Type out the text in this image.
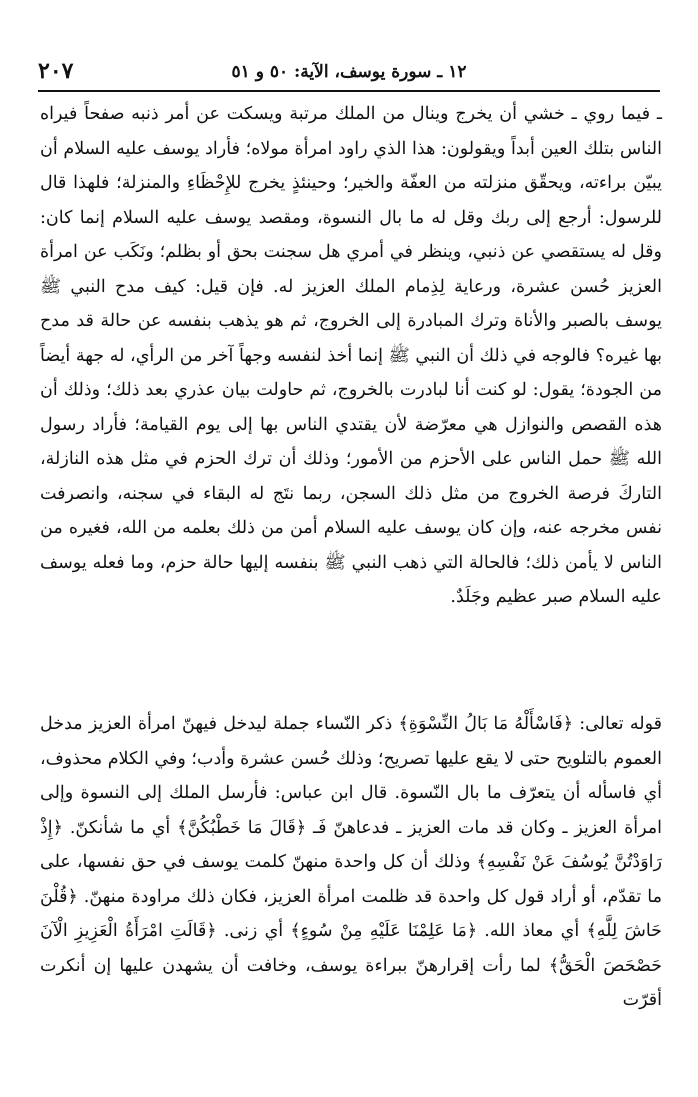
٢٠٧	١٢ ـ سورة يوسف، الآية: ٥٠ و ٥١

ـ فيما روي ـ خشي أن يخرج وينال من الملك مرتبة ويسكت عن أمر ذنبه صفحاً فيراه الناس بتلك العين أبداً ويقولون: هذا الذي راود امرأة مولاه؛ فأراد يوسف عليه السلام أن يبيّن براءته، ويحقّق منزلته من العفّة والخير؛ وحينئذٍ يخرج للإِحْظَاءِ والمنزلة؛ فلهذا قال للرسول: أرجع إلى ربك وقل له ما بال النسوة، ومقصد يوسف عليه السلام إنما كان: وقل له يستقصي عن ذنبي، وينظر في أمري هل سجنت بحق أو بظلم؛ ونَكَب عن امرأة العزيز حُسن عشرة، ورعاية لِذِمام الملك العزيز له. فإن قيل: كيف مدح النبي ﷺ يوسف بالصبر والأناة وترك المبادرة إلى الخروج، ثم هو يذهب بنفسه عن حالة قد مدح بها غيره؟ فالوجه في ذلك أن النبي ﷺ إنما أخذ لنفسه وجهاً آخر من الرأي، له جهة أيضاً من الجودة؛ يقول: لو كنت أنا لبادرت بالخروج، ثم حاولت بيان عذري بعد ذلك؛ وذلك أن هذه القصص والنوازل هي معرّضة لأن يقتدي الناس بها إلى يوم القيامة؛ فأراد رسول الله ﷺ حمل الناس على الأحزم من الأمور؛ وذلك أن ترك الحزم في مثل هذه النازلة، التاركَ فرصة الخروج من مثل ذلك السجن، ربما نتَج له البقاء في سجنه، وانصرفت نفس مخرجه عنه، وإن كان يوسف عليه السلام أمن من ذلك بعلمه من الله، فغيره من الناس لا يأمن ذلك؛ فالحالة التي ذهب النبي ﷺ بنفسه إليها حالة حزم، وما فعله يوسف عليه السلام صبر عظيم وجَلَدٌ.

قوله تعالى: ﴿فَاسْأَلْهُ مَا بَالُ النِّسْوَةِ﴾ ذكر النّساء جملة ليدخل فيهنّ امرأة العزيز مدخل العموم بالتلويح حتى لا يقع عليها تصريح؛ وذلك حُسن عشرة وأدب؛ وفي الكلام محذوف، أي فاسأله أن يتعرّف ما بال النّسوة. قال ابن عباس: فأرسل الملك إلى النسوة وإلى امرأة العزيز ـ وكان قد مات العزيز ـ فدعاهنّ فَـ ﴿قَالَ مَا خَطْبُكُنَّ﴾ أي ما شأنكنّ. ﴿إِذْ رَاوَدْتُنَّ يُوسُفَ عَنْ نَفْسِهِ﴾ وذلك أن كل واحدة منهنّ كلمت يوسف في حق نفسها، على ما تقدّم، أو أراد قول كل واحدة قد ظلمت امرأة العزيز، فكان ذلك مراودة منهنّ. ﴿قُلْنَ حَاشَ لِلَّهِ﴾ أي معاذ الله. ﴿مَا عَلِمْنَا عَلَيْهِ مِنْ سُوءٍ﴾ أي زنى. ﴿قَالَتِ امْرَأَةُ الْعَزِيزِ الْآنَ حَصْحَصَ الْحَقُّ﴾ لما رأت إقرارهنّ ببراءة يوسف، وخافت أن يشهدن عليها إن أنكرت أقرّت
